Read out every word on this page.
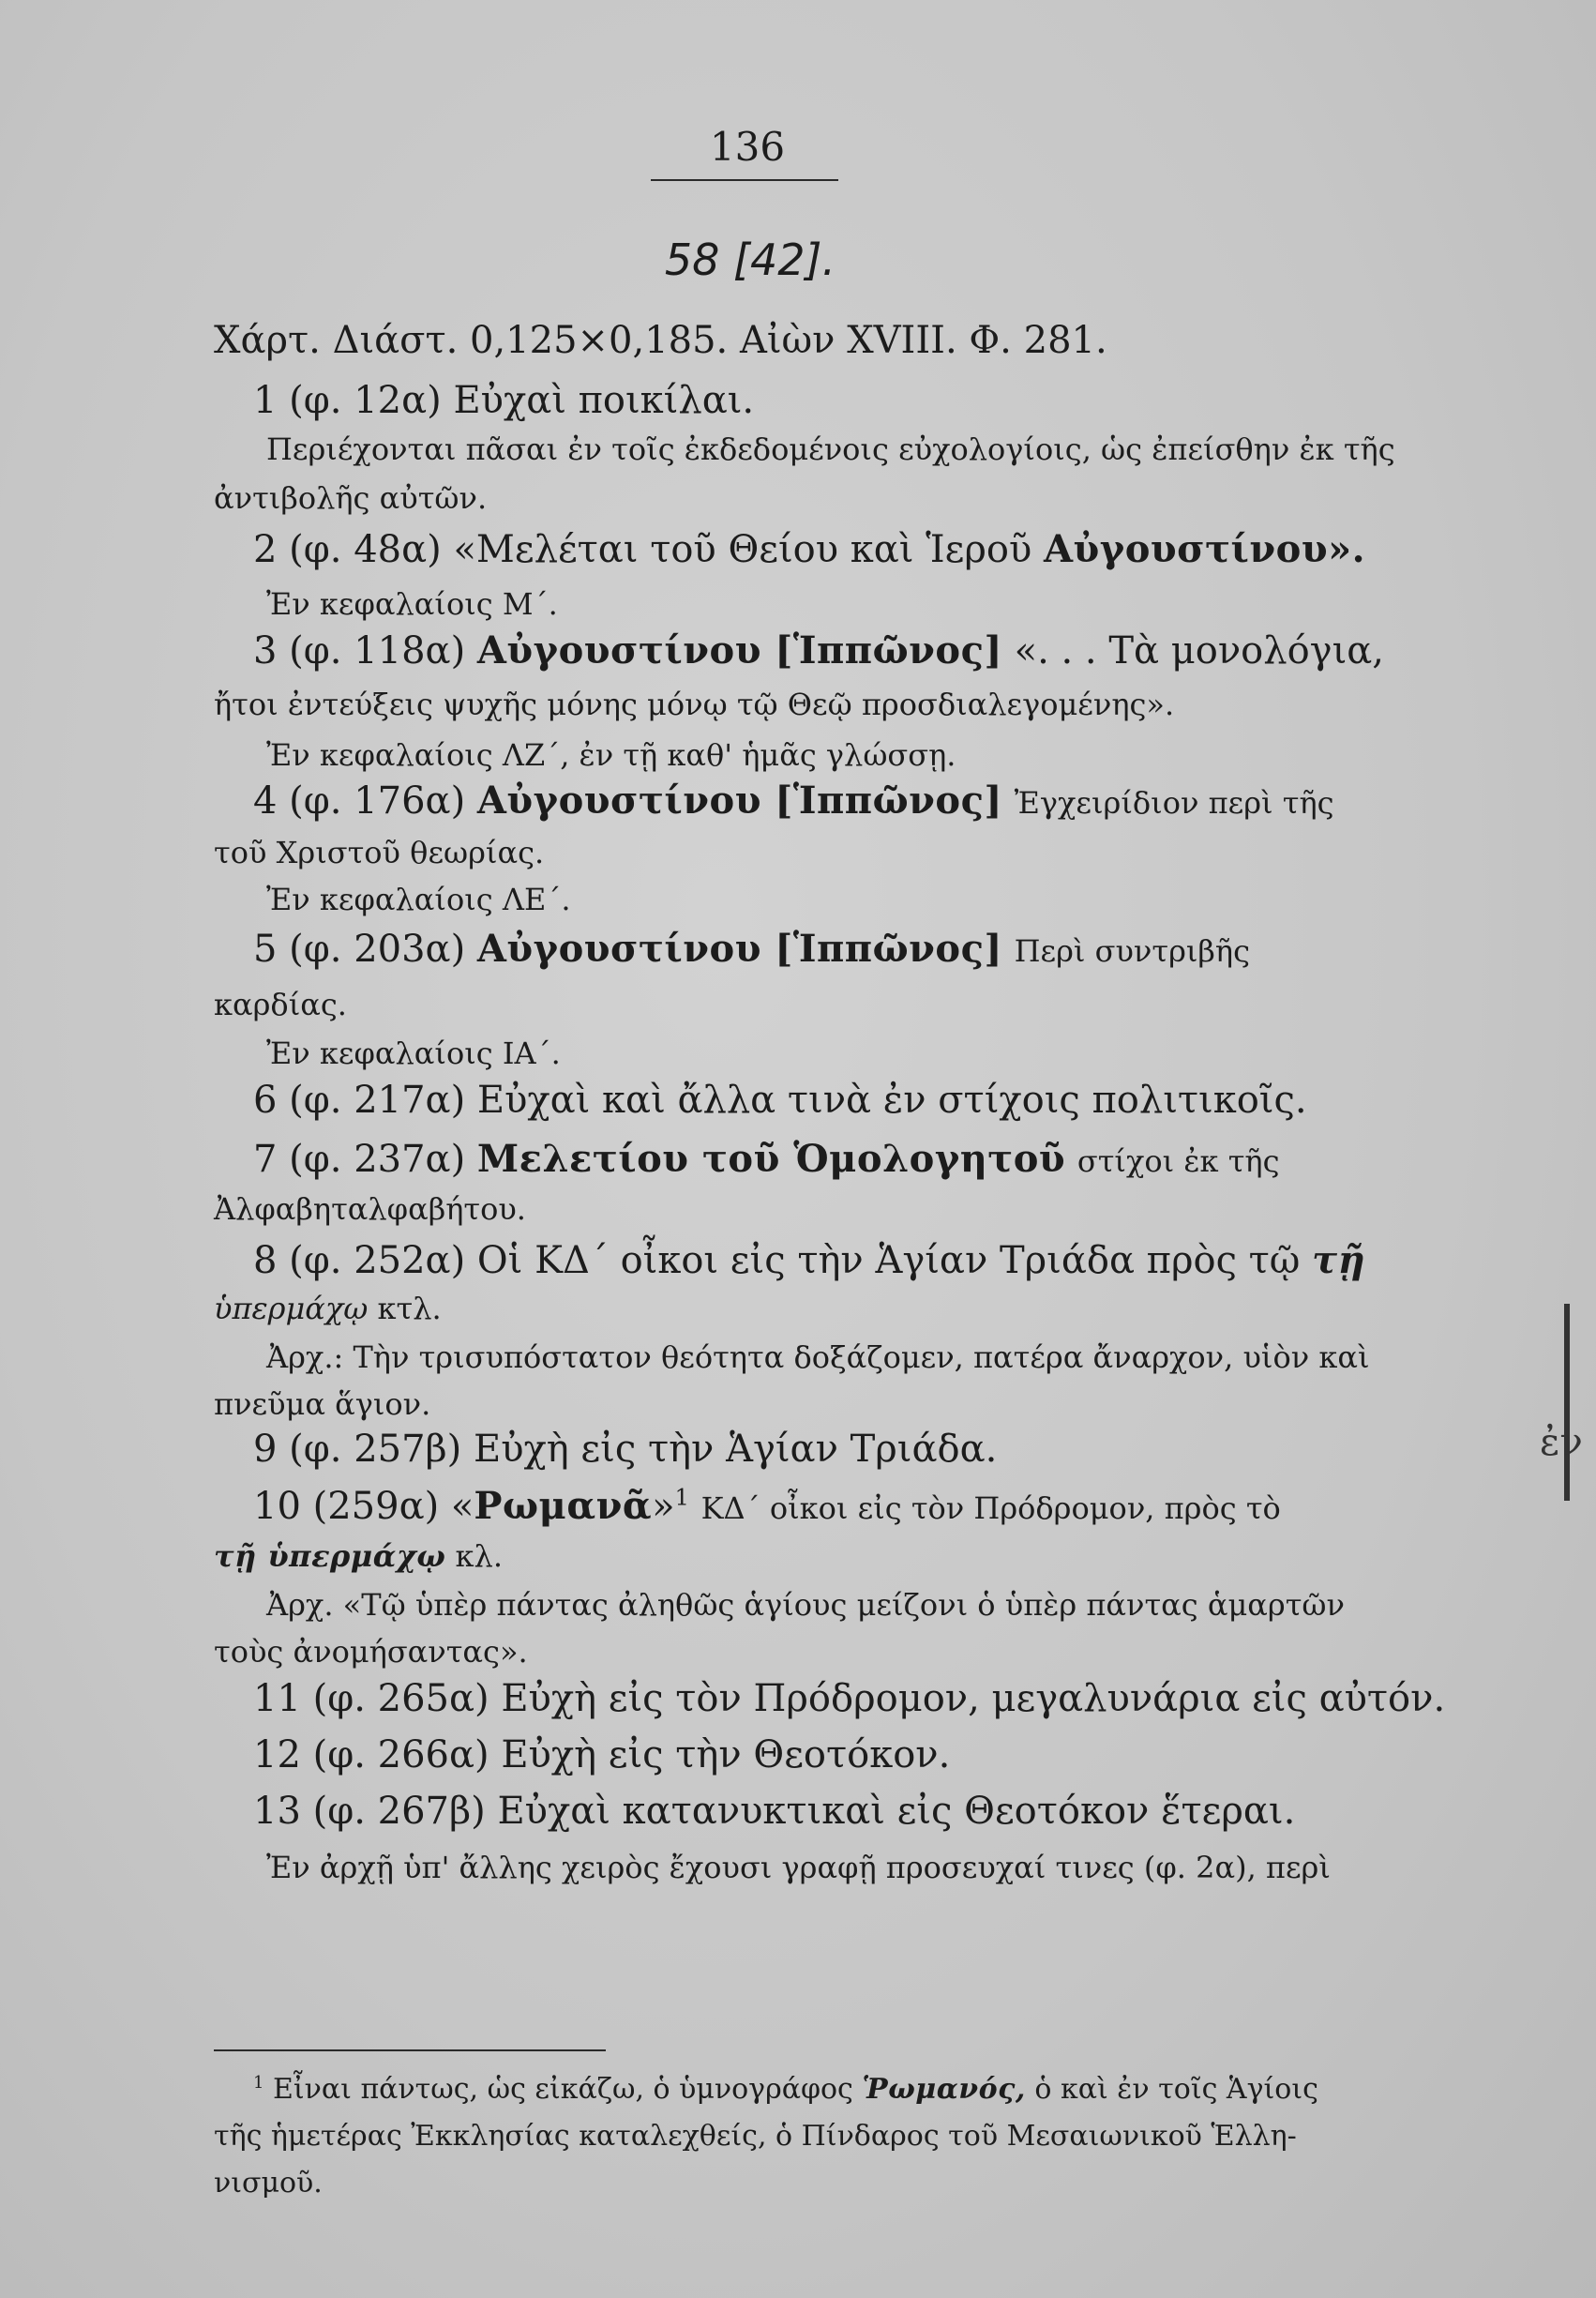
136
58 [42].
Χάρτ. Διάστ. 0,125×0,185. Αἰὼν XVIII. Φ. 281.
1 (φ. 12α) Εὐχαὶ ποικίλαι.
Περιέχονται πᾶσαι ἐν τοῖς ἐκδεδομένοις εὐχολογίοις, ὡς ἐπείσθην ἐκ τῆς
ἀντιβολῆς αὐτῶν.
2 (φ. 48α) «Μελέται τοῦ Θείου καὶ Ἱεροῦ Αὐγουστίνου».
Ἐν κεφαλαίοις Μ΄.
3 (φ. 118α) Αὐγουστίνου [Ἱππῶνος] «. . . Τὰ μονολόγια,
ἤτοι ἐντεύξεις ψυχῆς μόνης μόνῳ τῷ Θεῷ προσδιαλεγομένης».
Ἐν κεφαλαίοις ΛΖ΄, ἐν τῇ καθ' ἡμᾶς γλώσσῃ.
4 (φ. 176α) Αὐγουστίνου [Ἱππῶνος] Ἐγχειρίδιον περὶ τῆς
τοῦ Χριστοῦ θεωρίας.
Ἐν κεφαλαίοις ΛΕ΄.
5 (φ. 203α) Αὐγουστίνου [Ἱππῶνος] Περὶ συντριβῆς
καρδίας.
Ἐν κεφαλαίοις ΙΑ΄.
6 (φ. 217α) Εὐχαὶ καὶ ἄλλα τινὰ ἐν στίχοις πολιτικοῖς.
7 (φ. 237α) Μελετίου τοῦ Ὁμολογητοῦ στίχοι ἐκ τῆς
Ἀλφαβηταλφαβήτου.
8 (φ. 252α) Οἱ ΚΔ΄ οἶκοι εἰς τὴν Ἁγίαν Τριάδα πρὸς τῷ τῇ
ὑπερμάχῳ κτλ.
Ἀρχ.: Τὴν τρισυπόστατον θεότητα δοξάζομεν, πατέρα ἄναρχον, υἱὸν καὶ
πνεῦμα ἅγιον.
9 (φ. 257β) Εὐχὴ εἰς τὴν Ἁγίαν Τριάδα.
10 (259α) «Ρωμανᾶ»$^1$ ΚΔ΄ οἶκοι εἰς τὸν Πρόδρομον, πρὸς τὸ
τῇ ὑπερμάχῳ κλ.
Ἀρχ. «Τῷ ὑπὲρ πάντας ἀληθῶς ἁγίους μείζονι ὁ ὑπὲρ πάντας ἁμαρτῶν
τοὺς ἀνομήσαντας».
11 (φ. 265α) Εὐχὴ εἰς τὸν Πρόδρομον, μεγαλυνάρια εἰς αὐτόν.
12 (φ. 266α) Εὐχὴ εἰς τὴν Θεοτόκον.
13 (φ. 267β) Εὐχαὶ κατανυκτικαὶ εἰς Θεοτόκον ἕτεραι.
Ἐν ἀρχῇ ὑπ' ἄλλης χειρὸς ἔχουσι γραφῇ προσευχαί τινες (φ. 2α), περὶ
$^1$ Εἶναι πάντως, ὡς εἰκάζω, ὁ ὑμνογράφος Ῥωμανός, ὁ καὶ ἐν τοῖς Ἁγίοις
τῆς ἡμετέρας Ἐκκλησίας καταλεχθείς, ὁ Πίνδαρος τοῦ Μεσαιωνικοῦ Ἑλλη-
νισμοῦ.
ἐν
